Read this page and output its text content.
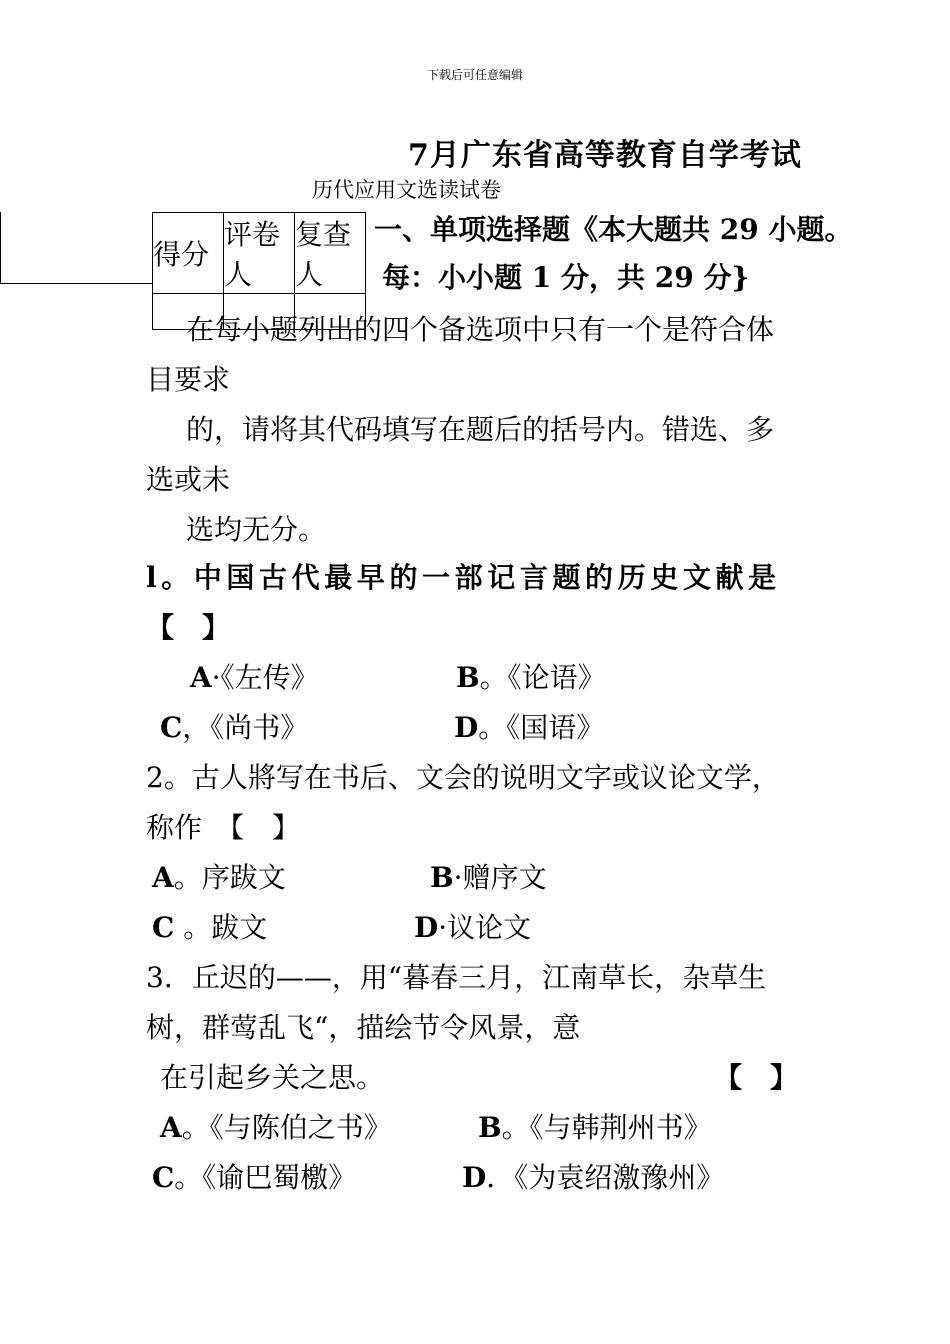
下载后可任意编辑
7月广东省高等教育自学考试
历代应用文选读试卷
得分	评卷人	复查人

一、单项选择题《本大题共 29 小题。
每：小小题 1 分，共 29 分}
在每小题列出的四个备选项中只有一个是符合体
目要求
的，请将其代码填写在题后的括号内。错选、多
选或未
选均无分。
l。中国古代最早的一部记言题的历史文献是
【　】
A·《左传》	B。《论语》
C，《尚书》	D。《国语》
2。古人將写在书后、文会的说明文字或议论文学，
称作　【　】
A。序跋文	B·赠序文
C 。跋文	D·议论文
3．丘迟的——，用“暮春三月，江南草长，杂草生
树，群莺乱飞“，描绘节令风景，意
在引起乡关之思。	【　】
A。《与陈伯之书》	B。《与韩荆州书》
C。《谕巴蜀檄》	D．《为袁绍激豫州》
